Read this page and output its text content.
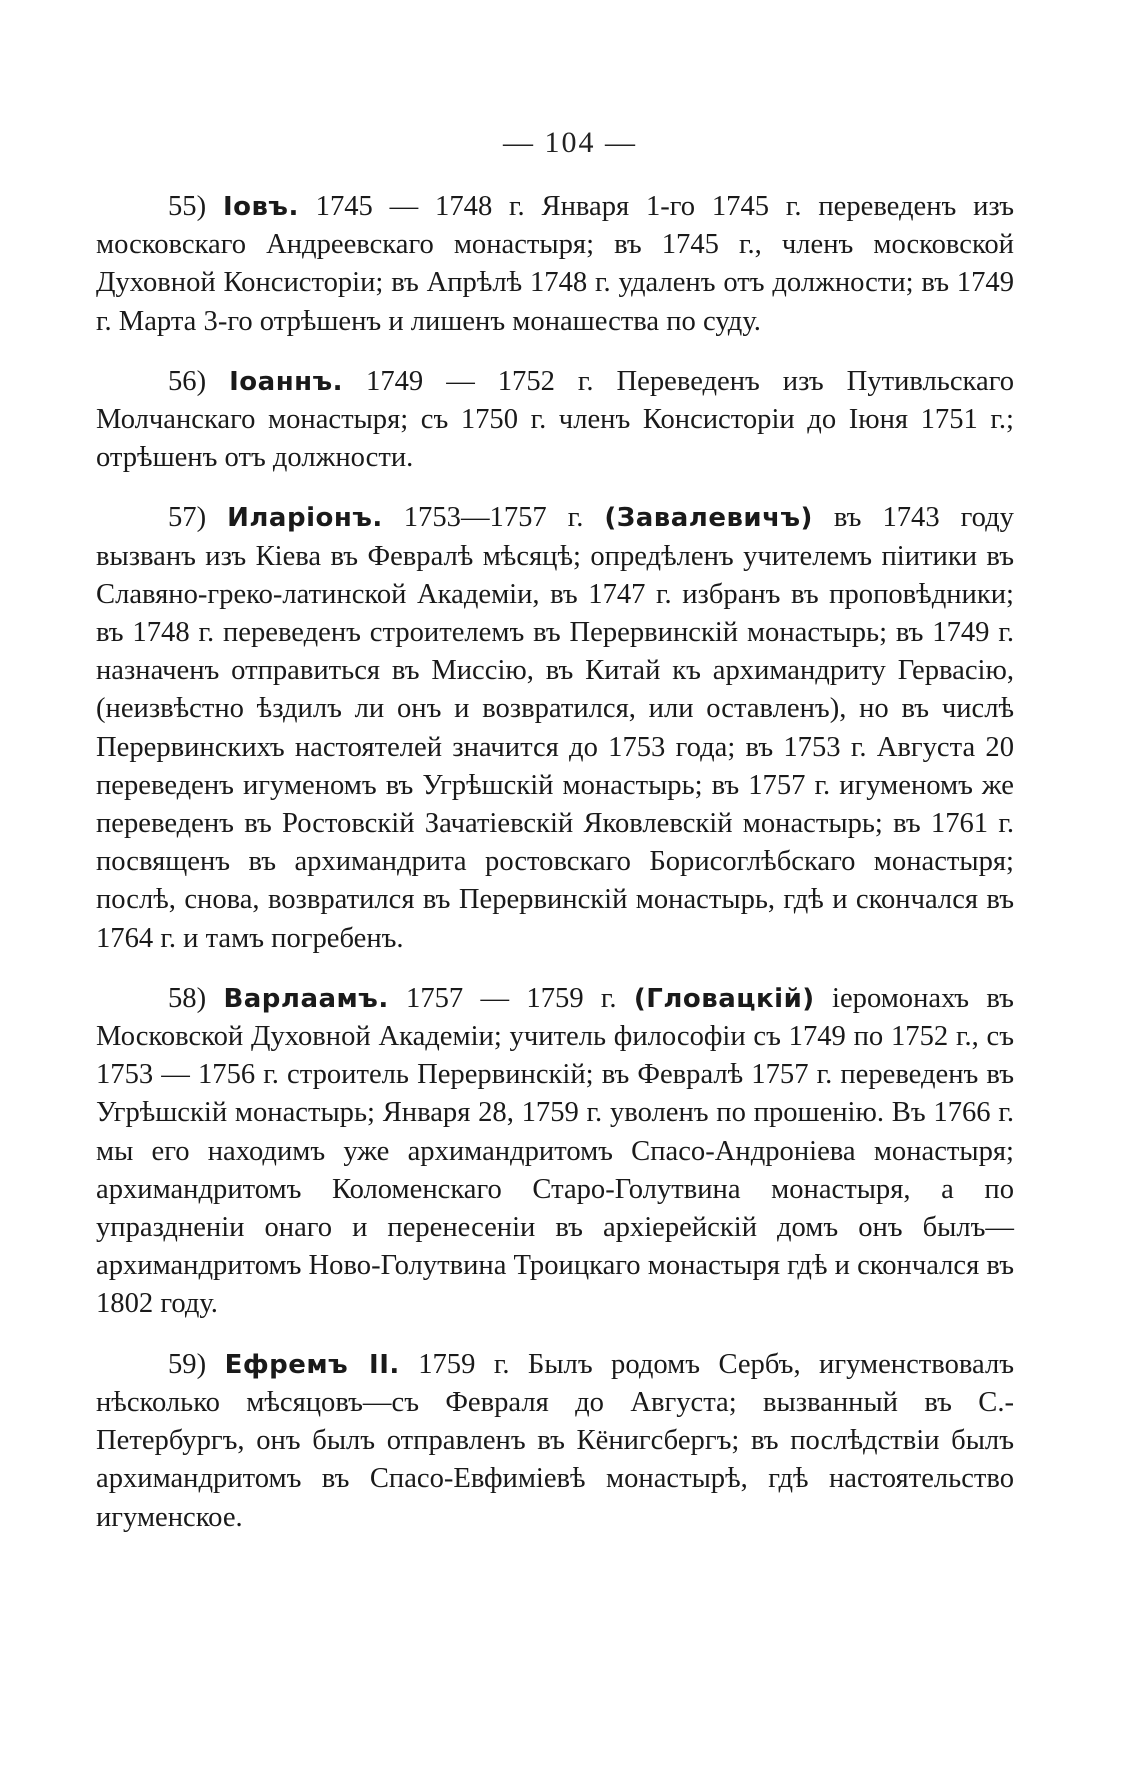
— 104 —

55) Іовъ. 1745 — 1748 г. Января 1-го 1745 г. переведенъ изъ московскаго Андреевскаго монастыря; въ 1745 г., членъ московской Духовной Консисторіи; въ Апрѣлѣ 1748 г. удаленъ отъ должности; въ 1749 г. Марта 3-го отрѣшенъ и лишенъ монашества по суду.

56) Іоаннъ. 1749 — 1752 г. Переведенъ изъ Путивльскаго Молчанскаго монастыря; съ 1750 г. членъ Консисторіи до Іюня 1751 г.; отрѣшенъ отъ должности.

57) Иларіонъ. 1753—1757 г. (Завалевичъ) въ 1743 году вызванъ изъ Кіева въ Февралѣ мѣсяцѣ; опредѣленъ учителемъ піитики въ Славяно-греко-латинской Академіи, въ 1747 г. избранъ въ проповѣдники; въ 1748 г. переведенъ строителемъ въ Перервинскій монастырь; въ 1749 г. назначенъ отправиться въ Миссію, въ Китай къ архимандриту Гервасію, (неизвѣстно ѣздилъ ли онъ и возвратился, или оставленъ), но въ числѣ Перервинскихъ настоятелей значится до 1753 года; въ 1753 г. Августа 20 переведенъ игуменомъ въ Угрѣшскій монастырь; въ 1757 г. игуменомъ же переведенъ въ Ростовскій Зачатіевскій Яковлевскій монастырь; въ 1761 г. посвященъ въ архимандрита ростовскаго Борисоглѣбскаго монастыря; послѣ, снова, возвратился въ Перервинскій монастырь, гдѣ и скончался въ 1764 г. и тамъ погребенъ.

58) Варлаамъ. 1757 — 1759 г. (Гловацкій) іеромонахъ въ Московской Духовной Академіи; учитель философіи съ 1749 по 1752 г., съ 1753 — 1756 г. строитель Перервинскій; въ Февралѣ 1757 г. переведенъ въ Угрѣшскій монастырь; Января 28, 1759 г. уволенъ по прошенію. Въ 1766 г. мы его находимъ уже архимандритомъ Спасо-Андроніева монастыря; архимандритомъ Коломенскаго Старо-Голутвина монастыря, а по упраздненіи онаго и перенесеніи въ архіерейскій домъ онъ былъ—архимандритомъ Ново-Голутвина Троицкаго монастыря гдѣ и скончался въ 1802 году.

59) Ефремъ II. 1759 г. Былъ родомъ Сербъ, игуменствовалъ нѣсколько мѣсяцовъ—съ Февраля до Августа; вызванный въ С.-Петербургъ, онъ былъ отправленъ въ Кёнигсбергъ; въ послѣдствіи былъ архимандритомъ въ Спасо-Евфиміевѣ монастырѣ, гдѣ настоятельство игуменское.
